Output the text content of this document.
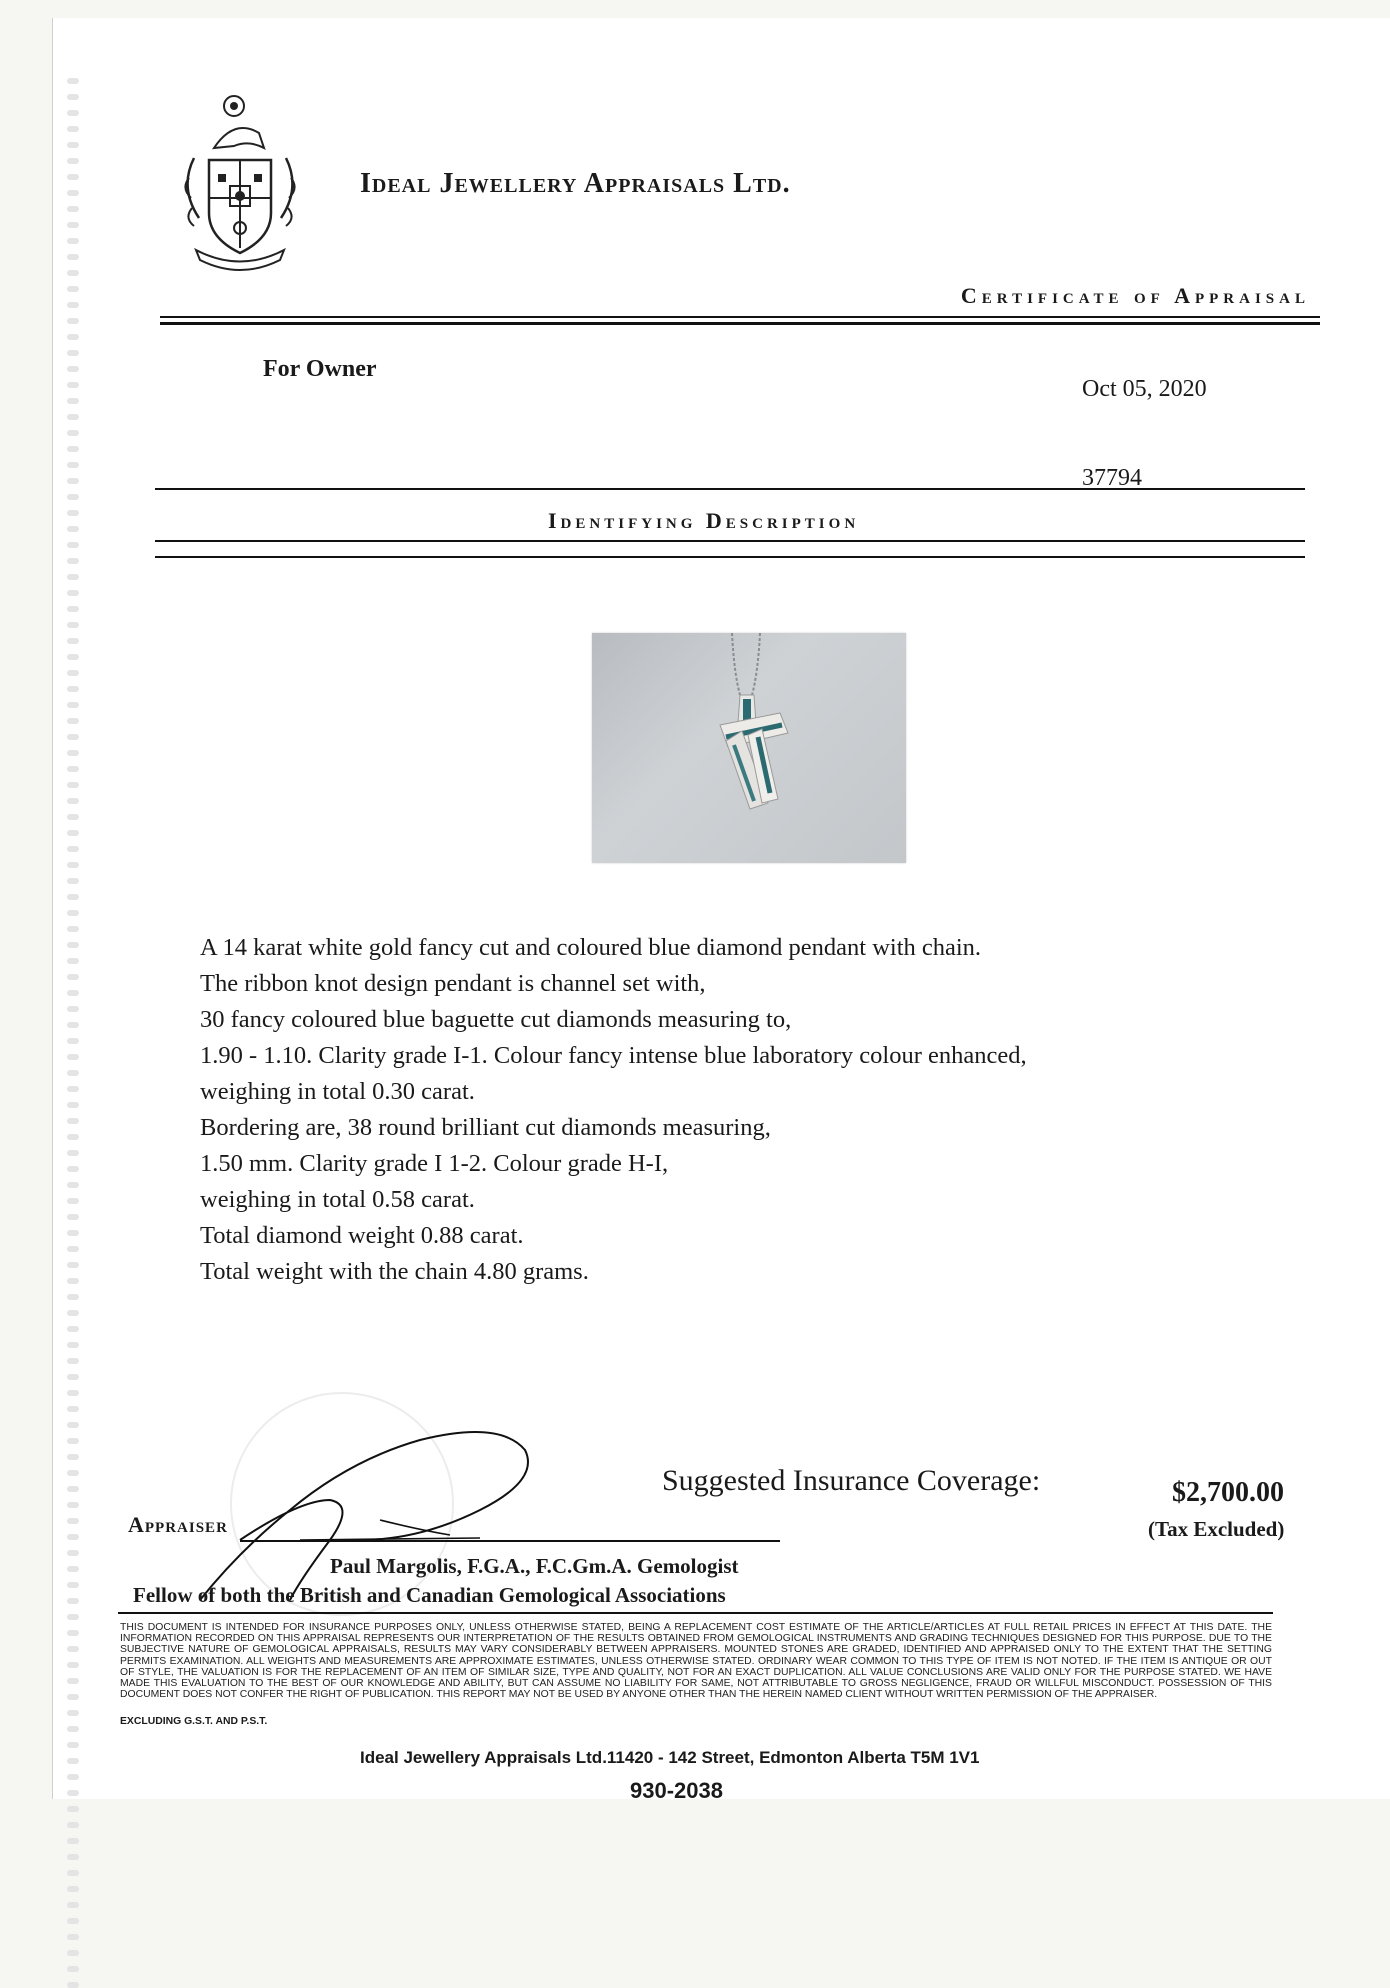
Ideal Jewellery Appraisals Ltd.
Certificate of Appraisal
For Owner
Oct 05, 2020
37794
Identifying Description
A 14 karat white gold fancy cut and coloured blue diamond pendant with chain.
The ribbon knot design pendant is channel set with,
30 fancy coloured blue baguette cut diamonds measuring to,
1.90 - 1.10. Clarity grade I-1. Colour fancy intense blue laboratory colour enhanced,
weighing in total 0.30 carat.
Bordering are, 38 round brilliant cut diamonds measuring,
1.50 mm. Clarity grade I 1-2. Colour grade H-I,
weighing in total 0.58 carat.
Total diamond weight 0.88 carat.
Total weight with the chain 4.80 grams.
Suggested Insurance Coverage:	$2,700.00
(Tax Excluded)
Appraiser
Paul Margolis, F.G.A., F.C.Gm.A. Gemologist
Fellow of both the British and Canadian Gemological Associations
THIS DOCUMENT IS INTENDED FOR INSURANCE PURPOSES ONLY, UNLESS OTHERWISE STATED, BEING A REPLACEMENT COST ESTIMATE OF THE ARTICLE/ARTICLES AT FULL RETAIL PRICES IN EFFECT AT THIS DATE. THE INFORMATION RECORDED ON THIS APPRAISAL REPRESENTS OUR INTERPRETATION OF THE RESULTS OBTAINED FROM GEMOLOGICAL INSTRUMENTS AND GRADING TECHNIQUES DESIGNED FOR THIS PURPOSE. DUE TO THE SUBJECTIVE NATURE OF GEMOLOGICAL APPRAISALS, RESULTS MAY VARY CONSIDERABLY BETWEEN APPRAISERS. MOUNTED STONES ARE GRADED, IDENTIFIED AND APPRAISED ONLY TO THE EXTENT THAT THE SETTING PERMITS EXAMINATION. ALL WEIGHTS AND MEASUREMENTS ARE APPROXIMATE ESTIMATES, UNLESS OTHERWISE STATED. ORDINARY WEAR COMMON TO THIS TYPE OF ITEM IS NOT NOTED. IF THE ITEM IS ANTIQUE OR OUT OF STYLE, THE VALUATION IS FOR THE REPLACEMENT OF AN ITEM OF SIMILAR SIZE, TYPE AND QUALITY, NOT FOR AN EXACT DUPLICATION. ALL VALUE CONCLUSIONS ARE VALID ONLY FOR THE PURPOSE STATED. WE HAVE MADE THIS EVALUATION TO THE BEST OF OUR KNOWLEDGE AND ABILITY, BUT CAN ASSUME NO LIABILITY FOR SAME, NOT ATTRIBUTABLE TO GROSS NEGLIGENCE, FRAUD OR WILLFUL MISCONDUCT. POSSESSION OF THIS DOCUMENT DOES NOT CONFER THE RIGHT OF PUBLICATION. THIS REPORT MAY NOT BE USED BY ANYONE OTHER THAN THE HEREIN NAMED CLIENT WITHOUT WRITTEN PERMISSION OF THE APPRAISER.
EXCLUDING G.S.T. AND P.S.T.
Ideal Jewellery Appraisals Ltd.11420 - 142 Street, Edmonton Alberta T5M 1V1
930-2038
